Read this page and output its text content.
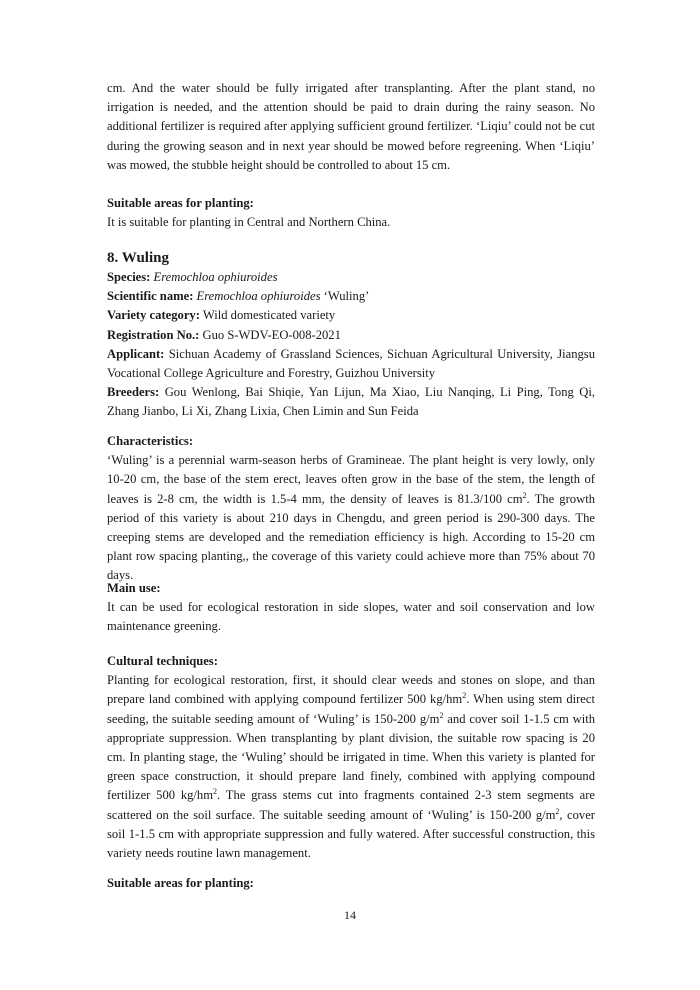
cm. And the water should be fully irrigated after transplanting. After the plant stand, no irrigation is needed, and the attention should be paid to drain during the rainy season. No additional fertilizer is required after applying sufficient ground fertilizer. ‘Liqiu’ could not be cut during the growing season and in next year should be mowed before regreening. When ‘Liqiu’ was mowed, the stubble height should be controlled to about 15 cm.

Suitable areas for planting:

It is suitable for planting in Central and Northern China.

8. Wuling

Species: Eremochloa ophiuroides

Scientific name: Eremochloa ophiuroides ‘Wuling’

Variety category: Wild domesticated variety

Registration No.: Guo S-WDV-EO-008-2021

Applicant: Sichuan Academy of Grassland Sciences, Sichuan Agricultural University, Jiangsu Vocational College Agriculture and Forestry, Guizhou University

Breeders: Gou Wenlong, Bai Shiqie, Yan Lijun, Ma Xiao, Liu Nanqing, Li Ping, Tong Qi, Zhang Jianbo, Li Xi, Zhang Lixia, Chen Limin and Sun Feida

Characteristics:

‘Wuling’ is a perennial warm-season herbs of Gramineae. The plant height is very lowly, only 10-20 cm, the base of the stem erect, leaves often grow in the base of the stem, the length of leaves is 2-8 cm, the width is 1.5-4 mm, the density of leaves is 81.3/100 $cm^2$. The growth period of this variety is about 210 days in Chengdu, and green period is 290-300 days. The creeping stems are developed and the remediation efficiency is high. According to 15-20 cm plant row spacing planting,, the coverage of this variety could achieve more than 75% about 70 days.

Main use:

It can be used for ecological restoration in side slopes, water and soil conservation and low maintenance greening.

Cultural techniques:

Planting for ecological restoration, first, it should clear weeds and stones on slope, and than prepare land combined with applying compound fertilizer 500 $kg/hm^2$. When using stem direct seeding, the suitable seeding amount of ‘Wuling’ is 150-200 $g/m^2$ and cover soil 1-1.5 cm with appropriate suppression. When transplanting by plant division, the suitable row spacing is 20 cm. In planting stage, the ‘Wuling’ should be irrigated in time. When this variety is planted for green space construction, it should prepare land finely, combined with applying compound fertilizer 500 $kg/hm^2$. The grass stems cut into fragments contained 2-3 stem segments are scattered on the soil surface. The suitable seeding amount of ‘Wuling’ is 150-200 $g/m^2$, cover soil 1-1.5 cm with appropriate suppression and fully watered. After successful construction, this variety needs routine lawn management.

Suitable areas for planting:

14
